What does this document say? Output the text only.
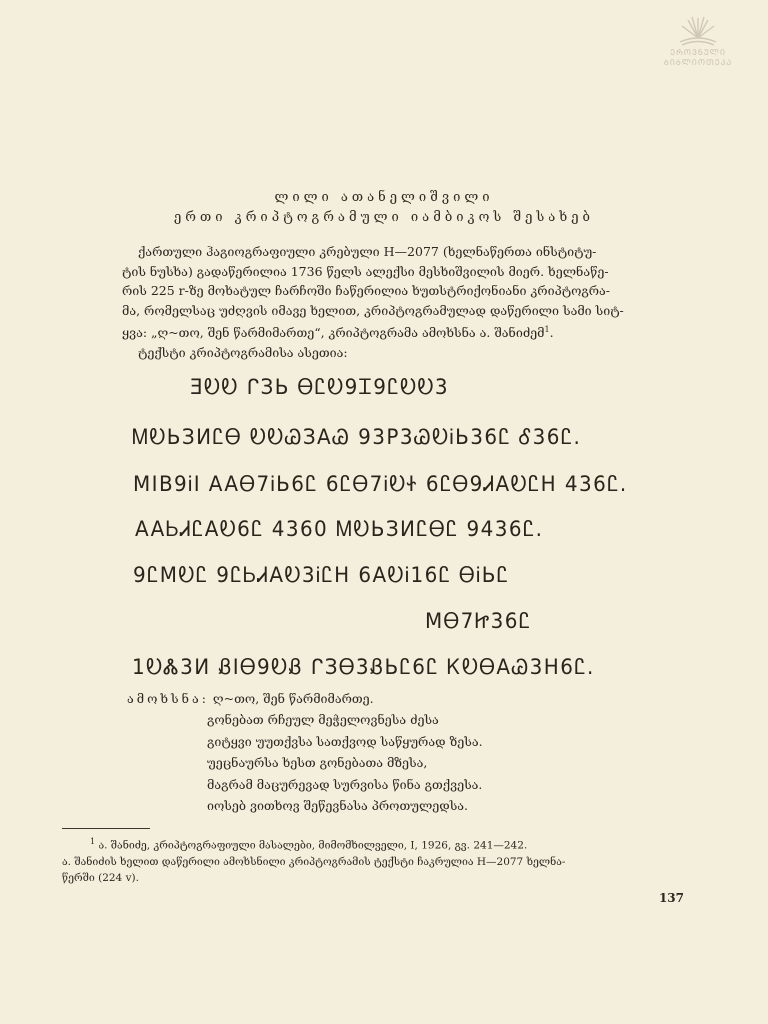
ᲔᲠᲝᲕᲜᲣᲚᲘ
ᲑᲘᲑᲚᲘᲝᲗᲔᲙᲐ
ლილი ათანელიშვილი
ერთი კრიპტოგრამული იამბიკოს შესახებ
ქართული ჰაგიოგრაფიული კრებული H—2077 (ხელნაწერთა ინსტიტუ-
ტის ნუსხა) გადაწერილია 1736 წელს ალექსი მესხიშვილის მიერ. ხელნაწე-
რის 225 r-ზე მოხატულ ჩარჩოში ჩაწერილია ხუთსტრიქონიანი კრიპტოგრა-
მა, რომელსაც უძღვის იმავე ხელით, კრიპტოგრამულად დაწერილი სამი სიტ-
ყვა: „ღ~თო, შენ წარმიმართე“, კრიპტოგრამა ამოხსნა ა. შანიძემ$^1$.
ტექსტი კრიპტოგრამისა ასეთია:
ƎᎧᎧ ᒋЗЬ ᎾᏝᎧ9Ꮖ9ᏝᎧᎧ3
ᎷᎧЬЗИᏝᎾ ᎧᎧᏊЗAᏊ 93P3ᏊᎧᎥЬ36Ꮭ Ꮄ36Ꮭ.
MIB9ᎥI AAᎾ7ᎥЬ6Ꮭ 6ᏝᎾ7ᎥᎧᏐ 6ᏝᎾ9ᏗAᎧᏝH 436Ꮭ.
AAᏏᏗᏝAᎧ6Ꮭ 4360 ᎷᎧЬЗИᏝᎾᏝ 9436Ꮭ.
9ᏝMᎧᏝ 9ᏝᏏᏗAᎧ3ᎥᏝH 6AᎧᎥ16Ꮭ ᎾᎥЬᏝ
MᎾ7Ꮵ36Ꮭ
1ᎧᏜ3И ᏰIᎾ9ᎧᏰ ᒋЗᎾ3ᏰЬᏝ6Ꮭ ᏦᎧᎾAᏊ3H6Ꮭ.
ამოხსნა: ღ~თო, შენ წარმიმართე.
გონებათ რჩეულ მეჭელოვნესა ძესა
გიტყვი უუთქვსა სათქვოდ საწყურად ზესა.
უეცნაურსა ხესთ გონებათა მზესა,
მაგრამ მაცურევად სურვისა წინა გთქვესა.
იოსებ ვითხოვ შეწევნასა პროთულედსა.
$^1$ ა. შანიძე, კრიპტოგრაფიული მასალები, მიმომხილველი, I, 1926, გვ. 241—242.
ა. შანიძის ხელით დაწერილი ამოხსნილი კრიპტოგრამის ტექსტი ჩაკრულია H—2077 ხელნა-
წერში (224 v).
137
